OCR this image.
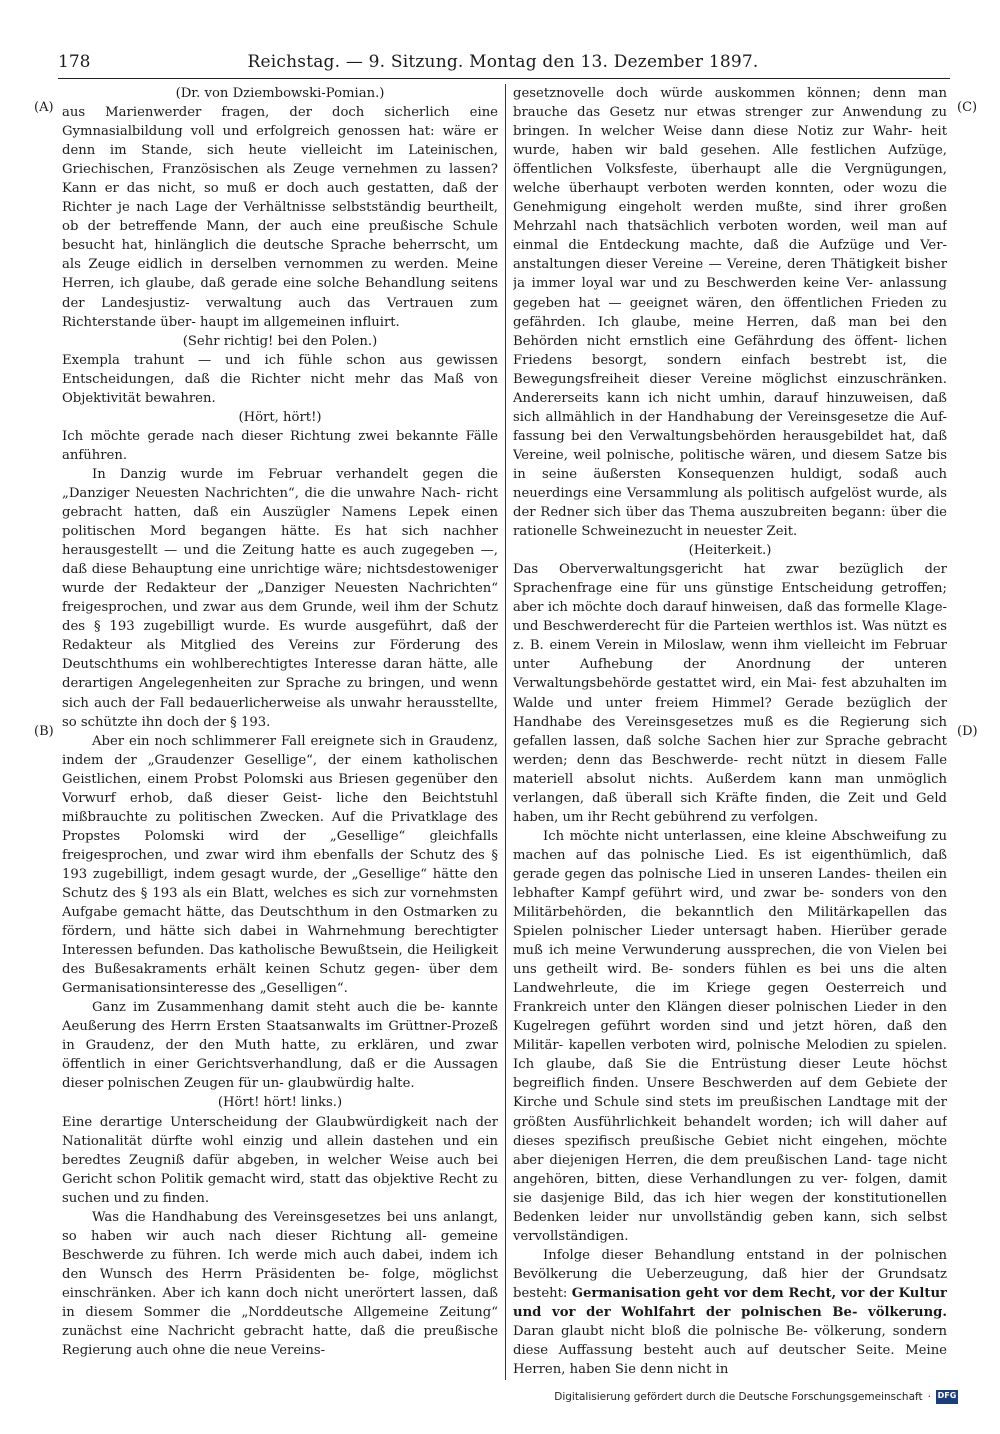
178	Reichstag. — 9. Sitzung. Montag den 13. Dezember 1897.
(A)
(B)
(C)
(D)

(Dr. von Dziembowski-Pomian.)

aus Marienwerder fragen, der doch sicherlich eine Gymnasialbildung voll und erfolgreich genossen hat: wäre er denn im Stande, sich heute vielleicht im Lateinischen, Griechischen, Französischen als Zeuge vernehmen zu lassen? Kann er das nicht, so muß er doch auch gestatten, daß der Richter je nach Lage der Verhältnisse selbstständig beurtheilt, ob der betreffende Mann, der auch eine preußische Schule besucht hat, hinlänglich die deutsche Sprache beherrscht, um als Zeuge eidlich in derselben vernommen zu werden. Meine Herren, ich glaube, daß gerade eine solche Behandlung seitens der Landesjustiz- verwaltung auch das Vertrauen zum Richterstande über- haupt im allgemeinen influirt.

(Sehr richtig! bei den Polen.)

Exempla trahunt — und ich fühle schon aus gewissen Entscheidungen, daß die Richter nicht mehr das Maß von Objektivität bewahren.

(Hört, hört!)

Ich möchte gerade nach dieser Richtung zwei bekannte Fälle anführen.

In Danzig wurde im Februar verhandelt gegen die „Danziger Neuesten Nachrichten“, die die unwahre Nach- richt gebracht hatten, daß ein Auszügler Namens Lepek einen politischen Mord begangen hätte. Es hat sich nachher herausgestellt — und die Zeitung hatte es auch zugegeben —, daß diese Behauptung eine unrichtige wäre; nichtsdestoweniger wurde der Redakteur der „Danziger Neuesten Nachrichten“ freigesprochen, und zwar aus dem Grunde, weil ihm der Schutz des § 193 zugebilligt wurde. Es wurde ausgeführt, daß der Redakteur als Mitglied des Vereins zur Förderung des Deutschthums ein wohlberechtigtes Interesse daran hätte, alle derartigen Angelegenheiten zur Sprache zu bringen, und wenn sich auch der Fall bedauerlicherweise als unwahr herausstellte, so schützte ihn doch der § 193.

Aber ein noch schlimmerer Fall ereignete sich in Graudenz, indem der „Graudenzer Gesellige“, der einem katholischen Geistlichen, einem Probst Polomski aus Briesen gegenüber den Vorwurf erhob, daß dieser Geist- liche den Beichtstuhl mißbrauchte zu politischen Zwecken. Auf die Privatklage des Propstes Polomski wird der „Gesellige“ gleichfalls freigesprochen, und zwar wird ihm ebenfalls der Schutz des § 193 zugebilligt, indem gesagt wurde, der „Gesellige“ hätte den Schutz des § 193 als ein Blatt, welches es sich zur vornehmsten Aufgabe gemacht hätte, das Deutschthum in den Ostmarken zu fördern, und hätte sich dabei in Wahrnehmung berechtigter Interessen befunden. Das katholische Bewußtsein, die Heiligkeit des Bußesakraments erhält keinen Schutz gegen- über dem Germanisationsinteresse des „Geselligen“.

Ganz im Zusammenhang damit steht auch die be- kannte Aeußerung des Herrn Ersten Staatsanwalts im Grüttner-Prozeß in Graudenz, der den Muth hatte, zu erklären, und zwar öffentlich in einer Gerichtsverhandlung, daß er die Aussagen dieser polnischen Zeugen für un- glaubwürdig halte.

(Hört! hört! links.)

Eine derartige Unterscheidung der Glaubwürdigkeit nach der Nationalität dürfte wohl einzig und allein dastehen und ein beredtes Zeugniß dafür abgeben, in welcher Weise auch bei Gericht schon Politik gemacht wird, statt das objektive Recht zu suchen und zu finden.

Was die Handhabung des Vereinsgesetzes bei uns anlangt, so haben wir auch nach dieser Richtung all- gemeine Beschwerde zu führen. Ich werde mich auch dabei, indem ich den Wunsch des Herrn Präsidenten be- folge, möglichst einschränken. Aber ich kann doch nicht unerörtert lassen, daß in diesem Sommer die „Norddeutsche Allgemeine Zeitung“ zunächst eine Nachricht gebracht hatte, daß die preußische Regierung auch ohne die neue Vereins-

gesetznovelle doch würde auskommen können; denn man brauche das Gesetz nur etwas strenger zur Anwendung zu bringen. In welcher Weise dann diese Notiz zur Wahr- heit wurde, haben wir bald gesehen. Alle festlichen Aufzüge, öffentlichen Volksfeste, überhaupt alle die Vergnügungen, welche überhaupt verboten werden konnten, oder wozu die Genehmigung eingeholt werden mußte, sind ihrer großen Mehrzahl nach thatsächlich verboten worden, weil man auf einmal die Entdeckung machte, daß die Aufzüge und Ver- anstaltungen dieser Vereine — Vereine, deren Thätigkeit bisher ja immer loyal war und zu Beschwerden keine Ver- anlassung gegeben hat — geeignet wären, den öffentlichen Frieden zu gefährden. Ich glaube, meine Herren, daß man bei den Behörden nicht ernstlich eine Gefährdung des öffent- lichen Friedens besorgt, sondern einfach bestrebt ist, die Bewegungsfreiheit dieser Vereine möglichst einzuschränken. Andererseits kann ich nicht umhin, darauf hinzuweisen, daß sich allmählich in der Handhabung der Vereinsgesetze die Auf- fassung bei den Verwaltungsbehörden herausgebildet hat, daß Vereine, weil polnische, politische wären, und diesem Satze bis in seine äußersten Konsequenzen huldigt, sodaß auch neuerdings eine Versammlung als politisch aufgelöst wurde, als der Redner sich über das Thema auszubreiten begann: über die rationelle Schweinezucht in neuester Zeit.

(Heiterkeit.)

Das Oberverwaltungsgericht hat zwar bezüglich der Sprachenfrage eine für uns günstige Entscheidung getroffen; aber ich möchte doch darauf hinweisen, daß das formelle Klage- und Beschwerderecht für die Parteien werthlos ist. Was nützt es z. B. einem Verein in Miloslaw, wenn ihm vielleicht im Februar unter Aufhebung der Anordnung der unteren Verwaltungsbehörde gestattet wird, ein Mai- fest abzuhalten im Walde und unter freiem Himmel? Gerade bezüglich der Handhabe des Vereinsgesetzes muß es die Regierung sich gefallen lassen, daß solche Sachen hier zur Sprache gebracht werden; denn das Beschwerde- recht nützt in diesem Falle materiell absolut nichts. Außerdem kann man unmöglich verlangen, daß überall sich Kräfte finden, die Zeit und Geld haben, um ihr Recht gebührend zu verfolgen.

Ich möchte nicht unterlassen, eine kleine Abschweifung zu machen auf das polnische Lied. Es ist eigenthümlich, daß gerade gegen das polnische Lied in unseren Landes- theilen ein lebhafter Kampf geführt wird, und zwar be- sonders von den Militärbehörden, die bekanntlich den Militärkapellen das Spielen polnischer Lieder untersagt haben. Hierüber gerade muß ich meine Verwunderung aussprechen, die von Vielen bei uns getheilt wird. Be- sonders fühlen es bei uns die alten Landwehrleute, die im Kriege gegen Oesterreich und Frankreich unter den Klängen dieser polnischen Lieder in den Kugelregen geführt worden sind und jetzt hören, daß den Militär- kapellen verboten wird, polnische Melodien zu spielen. Ich glaube, daß Sie die Entrüstung dieser Leute höchst begreiflich finden. Unsere Beschwerden auf dem Gebiete der Kirche und Schule sind stets im preußischen Landtage mit der größten Ausführlichkeit behandelt worden; ich will daher auf dieses spezifisch preußische Gebiet nicht eingehen, möchte aber diejenigen Herren, die dem preußischen Land- tage nicht angehören, bitten, diese Verhandlungen zu ver- folgen, damit sie dasjenige Bild, das ich hier wegen der konstitutionellen Bedenken leider nur unvollständig geben kann, sich selbst vervollständigen.

Infolge dieser Behandlung entstand in der polnischen Bevölkerung die Ueberzeugung, daß hier der Grundsatz besteht: Germanisation geht vor dem Recht, vor der Kultur und vor der Wohlfahrt der polnischen Be- völkerung. Daran glaubt nicht bloß die polnische Be- völkerung, sondern diese Auffassung besteht auch auf deutscher Seite. Meine Herren, haben Sie denn nicht in

Digitalisierung gefördert durch die Deutsche Forschungsgemeinschaft · DFG
